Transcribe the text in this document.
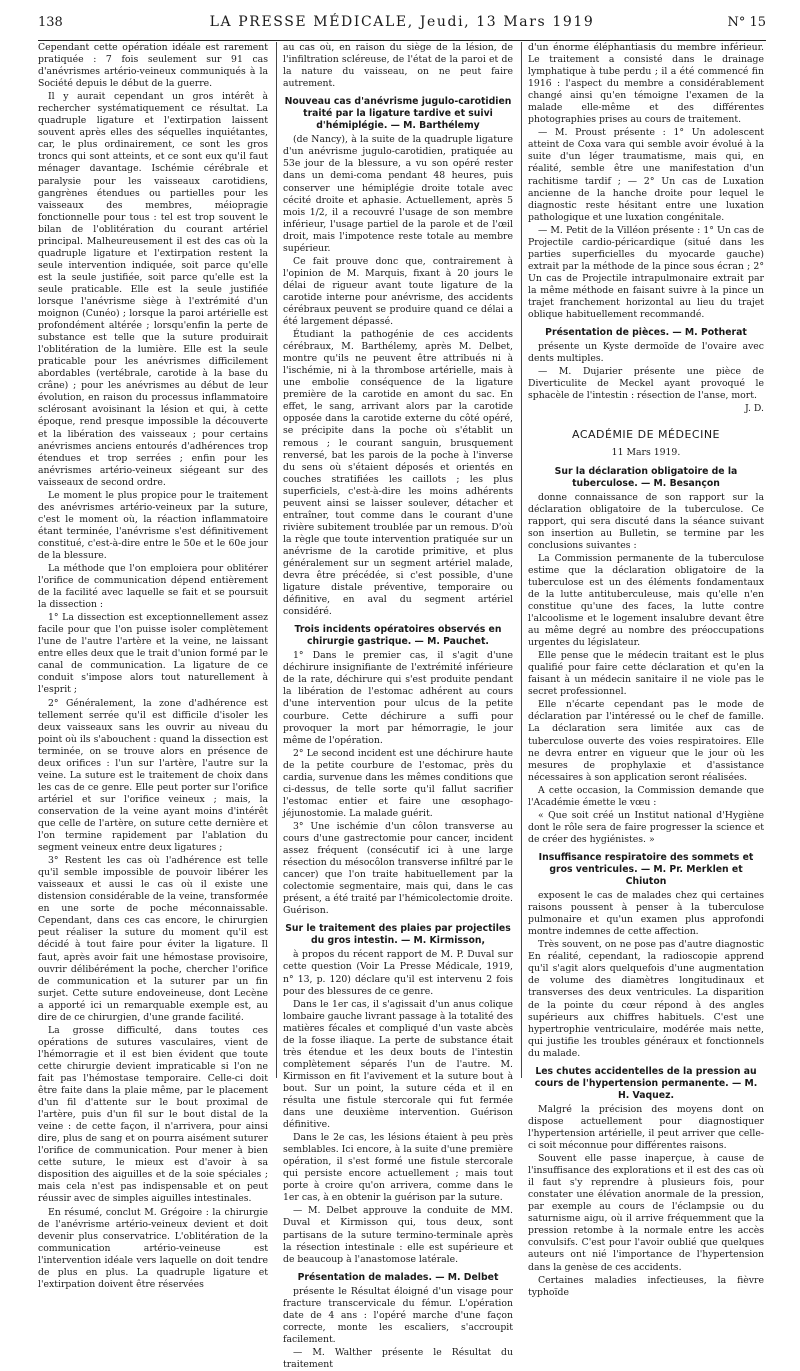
138	LA PRESSE MÉDICALE, Jeudi, 13 Mars 1919	N° 15

Cependant cette opération idéale est rarement pratiquée : 7 fois seulement sur 91 cas d'anévrismes artério-veineux communiqués à la Société depuis le début de la guerre.

Il y aurait cependant un gros intérêt à rechercher systématiquement ce résultat. La quadruple ligature et l'extirpation laissent souvent après elles des séquelles inquiétantes, car, le plus ordinairement, ce sont les gros troncs qui sont atteints, et ce sont eux qu'il faut ménager davantage. Ischémie cérébrale et paralysie pour les vaisseaux carotidiens, gangrènes étendues ou partielles pour les vaisseaux des membres, méiopragie fonctionnelle pour tous : tel est trop souvent le bilan de l'oblitération du courant artériel principal. Malheureusement il est des cas où la quadruple ligature et l'extirpation restent la seule intervention indiquée, soit parce qu'elle est la seule justifiée, soit parce qu'elle est la seule praticable. Elle est la seule justifiée lorsque l'anévrisme siège à l'extrémité d'un moignon (Cunéo) ; lorsque la paroi artérielle est profondément altérée ; lorsqu'enfin la perte de substance est telle que la suture produirait l'oblitération de la lumière. Elle est la seule praticable pour les anévrismes difficilement abordables (vertébrale, carotide à la base du crâne) ; pour les anévrismes au début de leur évolution, en raison du processus inflammatoire sclérosant avoisinant la lésion et qui, à cette époque, rend presque impossible la découverte et la libération des vaisseaux ; pour certains anévrismes anciens entourés d'adhérences trop étendues et trop serrées ; enfin pour les anévrismes artério-veineux siégeant sur des vaisseaux de second ordre.

Le moment le plus propice pour le traitement des anévrismes artério-veineux par la suture, c'est le moment où, la réaction inflammatoire étant terminée, l'anévrisme s'est définitivement constitué, c'est-à-dire entre le 50e et le 60e jour de la blessure.

La méthode que l'on emploiera pour oblitérer l'orifice de communication dépend entièrement de la facilité avec laquelle se fait et se poursuit la dissection :

1° La dissection est exceptionnellement assez facile pour que l'on puisse isoler complètement l'une de l'autre l'artère et la veine, ne laissant entre elles deux que le trait d'union formé par le canal de communication. La ligature de ce conduit s'impose alors tout naturellement à l'esprit ;

2° Généralement, la zone d'adhérence est tellement serrée qu'il est difficile d'isoler les deux vaisseaux sans les ouvrir au niveau du point où ils s'abouchent : quand la dissection est terminée, on se trouve alors en présence de deux orifices : l'un sur l'artère, l'autre sur la veine. La suture est le traitement de choix dans les cas de ce genre. Elle peut porter sur l'orifice artériel et sur l'orifice veineux ; mais, la conservation de la veine ayant moins d'intérêt que celle de l'artère, on suture cette dernière et l'on termine rapidement par l'ablation du segment veineux entre deux ligatures ;

3° Restent les cas où l'adhérence est telle qu'il semble impossible de pouvoir libérer les vaisseaux et aussi le cas où il existe une distension considérable de la veine, transformée en une sorte de poche méconnaissable. Cependant, dans ces cas encore, le chirurgien peut réaliser la suture du moment qu'il est décidé à tout faire pour éviter la ligature. Il faut, après avoir fait une hémostase provisoire, ouvrir délibérément la poche, chercher l'orifice de communication et la suturer par un fin surjet. Cette suture endoveineuse, dont Lecène a apporté ici un remarquable exemple est, au dire de ce chirurgien, d'une grande facilité.

La grosse difficulté, dans toutes ces opérations de sutures vasculaires, vient de l'hémorragie et il est bien évident que toute cette chirurgie devient impraticable si l'on ne fait pas l'hémostase temporaire. Celle-ci doit être faite dans la plaie même, par le placement d'un fil d'attente sur le bout proximal de l'artère, puis d'un fil sur le bout distal de la veine : de cette façon, il n'arrivera, pour ainsi dire, plus de sang et on pourra aisément suturer l'orifice de communication. Pour mener à bien cette suture, le mieux est d'avoir à sa disposition des aiguilles et de la soie spéciales ; mais cela n'est pas indispensable et on peut réussir avec de simples aiguilles intestinales.

En résumé, conclut M. Grégoire : la chirurgie de l'anévrisme artério-veineux devient et doit devenir plus conservatrice. L'oblitération de la communication artério-veineuse est l'intervention idéale vers laquelle on doit tendre de plus en plus. La quadruple ligature et l'extirpation doivent être réservées

au cas où, en raison du siège de la lésion, de l'infiltration scléreuse, de l'état de la paroi et de la nature du vaisseau, on ne peut faire autrement.

Nouveau cas d'anévrisme jugulo-carotidien traité par la ligature tardive et suivi d'hémiplégie. — M. Barthélemy

(de Nancy), à la suite de la quadruple ligature d'un anévrisme jugulo-carotidien, pratiquée au 53e jour de la blessure, a vu son opéré rester dans un demi-coma pendant 48 heures, puis conserver une hémiplégie droite totale avec cécité droite et aphasie. Actuellement, après 5 mois 1/2, il a recouvré l'usage de son membre inférieur, l'usage partiel de la parole et de l'œil droit, mais l'impotence reste totale au membre supérieur.

Ce fait prouve donc que, contrairement à l'opinion de M. Marquis, fixant à 20 jours le délai de rigueur avant toute ligature de la carotide interne pour anévrisme, des accidents cérébraux peuvent se produire quand ce délai a été largement dépassé.

Étudiant la pathogénie de ces accidents cérébraux, M. Barthélemy, après M. Delbet, montre qu'ils ne peuvent être attribués ni à l'ischémie, ni à la thrombose artérielle, mais à une embolie conséquence de la ligature première de la carotide en amont du sac. En effet, le sang, arrivant alors par la carotide opposée dans la carotide externe du côté opéré, se précipite dans la poche où s'établit un remous ; le courant sanguin, brusquement renversé, bat les parois de la poche à l'inverse du sens où s'étaient déposés et orientés en couches stratifiées les caillots ; les plus superficiels, c'est-à-dire les moins adhérents peuvent ainsi se laisser soulever, détacher et entraîner, tout comme dans le courant d'une rivière subitement troublée par un remous. D'où la règle que toute intervention pratiquée sur un anévrisme de la carotide primitive, et plus généralement sur un segment artériel malade, devra être précédée, si c'est possible, d'une ligature distale préventive, temporaire ou définitive, en aval du segment artériel considéré.

Trois incidents opératoires observés en chirurgie gastrique. — M. Pauchet.

1° Dans le premier cas, il s'agit d'une déchirure insignifiante de l'extrémité inférieure de la rate, déchirure qui s'est produite pendant la libération de l'estomac adhérent au cours d'une intervention pour ulcus de la petite courbure. Cette déchirure a suffi pour provoquer la mort par hémorragie, le jour même de l'opération.

2° Le second incident est une déchirure haute de la petite courbure de l'estomac, près du cardia, survenue dans les mêmes conditions que ci-dessus, de telle sorte qu'il fallut sacrifier l'estomac entier et faire une œsophago-jéjunostomie. La malade guérit.

3° Une ischémie d'un côlon transverse au cours d'une gastrectomie pour cancer, incident assez fréquent (consécutif ici à une large résection du mésocôlon transverse infiltré par le cancer) que l'on traite habituellement par la colectomie segmentaire, mais qui, dans le cas présent, a été traité par l'hémicolectomie droite. Guérison.

Sur le traitement des plaies par projectiles du gros intestin. — M. Kirmisson,

à propos du récent rapport de M. P. Duval sur cette question (Voir La Presse Médicale, 1919, n° 13, p. 120) déclare qu'il est intervenu 2 fois pour des blessures de ce genre.

Dans le 1er cas, il s'agissait d'un anus colique lombaire gauche livrant passage à la totalité des matières fécales et compliqué d'un vaste abcès de la fosse iliaque. La perte de substance était très étendue et les deux bouts de l'intestin complètement séparés l'un de l'autre. M. Kirmisson en fit l'avivement et la suture bout à bout. Sur un point, la suture céda et il en résulta une fistule stercorale qui fut fermée dans une deuxième intervention. Guérison définitive.

Dans le 2e cas, les lésions étaient à peu près semblables. Ici encore, à la suite d'une première opération, il s'est formé une fistule stercorale qui persiste encore actuellement ; mais tout porte à croire qu'on arrivera, comme dans le 1er cas, à en obtenir la guérison par la suture.

— M. Delbet approuve la conduite de MM. Duval et Kirmisson qui, tous deux, sont partisans de la suture termino-terminale après la résection intestinale : elle est supérieure et de beaucoup à l'anastomose latérale.

Présentation de malades. — M. Delbet

présente le Résultat éloigné d'un visage pour fracture transcervicale du fémur. L'opération date de 4 ans : l'opéré marche d'une façon correcte, monte les escaliers, s'accroupit facilement.

— M. Walther présente le Résultat du traitement

d'un énorme éléphantiasis du membre inférieur. Le traitement a consisté dans le drainage lymphatique à tube perdu ; il a été commencé fin 1916 : l'aspect du membre a considérablement changé ainsi qu'en témoigne l'examen de la malade elle-même et des différentes photographies prises au cours de traitement.

— M. Proust présente : 1° Un adolescent atteint de Coxa vara qui semble avoir évolué à la suite d'un léger traumatisme, mais qui, en réalité, semble être une manifestation d'un rachitisme tardif ; — 2° Un cas de Luxation ancienne de la hanche droite pour lequel le diagnostic reste hésitant entre une luxation pathologique et une luxation congénitale.

— M. Petit de la Villéon présente : 1° Un cas de Projectile cardio-péricardique (situé dans les parties superficielles du myocarde gauche) extrait par la méthode de la pince sous écran ; 2° Un cas de Projectile intrapulmonaire extrait par la même méthode en faisant suivre à la pince un trajet franchement horizontal au lieu du trajet oblique habituellement recommandé.

Présentation de pièces. — M. Potherat

présente un Kyste dermoïde de l'ovaire avec dents multiples.

— M. Dujarier présente une pièce de Diverticulite de Meckel ayant provoqué le sphacèle de l'intestin : résection de l'anse, mort.

J. D.

ACADÉMIE DE MÉDECINE
11 Mars 1919.
Sur la déclaration obligatoire de la tuberculose. — M. Besançon

donne connaissance de son rapport sur la déclaration obligatoire de la tuberculose. Ce rapport, qui sera discuté dans la séance suivant son insertion au Bulletin, se termine par les conclusions suivantes :

La Commission permanente de la tuberculose estime que la déclaration obligatoire de la tuberculose est un des éléments fondamentaux de la lutte antituberculeuse, mais qu'elle n'en constitue qu'une des faces, la lutte contre l'alcoolisme et le logement insalubre devant être au même degré au nombre des préoccupations urgentes du législateur.

Elle pense que le médecin traitant est le plus qualifié pour faire cette déclaration et qu'en la faisant à un médecin sanitaire il ne viole pas le secret professionnel.

Elle n'écarte cependant pas le mode de déclaration par l'intéressé ou le chef de famille. La déclaration sera limitée aux cas de tuberculose ouverte des voies respiratoires. Elle ne devra entrer en vigueur que le jour où les mesures de prophylaxie et d'assistance nécessaires à son application seront réalisées.

A cette occasion, la Commission demande que l'Académie émette le vœu :

« Que soit créé un Institut national d'Hygiène dont le rôle sera de faire progresser la science et de créer des hygiénistes. »

Insuffisance respiratoire des sommets et gros ventricules. — M. Pr. Merklen et Chiuton

exposent le cas de malades chez qui certaines raisons poussent à penser à la tuberculose pulmonaire et qu'un examen plus approfondi montre indemnes de cette affection.

Très souvent, on ne pose pas d'autre diagnostic En réalité, cependant, la radioscopie apprend qu'il s'agit alors quelquefois d'une augmentation de volume des diamètres longitudinaux et transverses des deux ventricules. La disparition de la pointe du cœur répond à des angles supérieurs aux chiffres habituels. C'est une hypertrophie ventriculaire, modérée mais nette, qui justifie les troubles généraux et fonctionnels du malade.

Les chutes accidentelles de la pression au cours de l'hypertension permanente. — M. H. Vaquez.

Malgré la précision des moyens dont on dispose actuellement pour diagnostiquer l'hypertension artérielle, il peut arriver que celle-ci soit méconnue pour différentes raisons.

Souvent elle passe inaperçue, à cause de l'insuffisance des explorations et il est des cas où il faut s'y reprendre à plusieurs fois, pour constater une élévation anormale de la pression, par exemple au cours de l'éclampsie ou du saturnisme aigu, où il arrive fréquemment que la pression retombe à la normale entre les accès convulsifs. C'est pour l'avoir oublié que quelques auteurs ont nié l'importance de l'hypertension dans la genèse de ces accidents.

Certaines maladies infectieuses, la fièvre typhoïde
